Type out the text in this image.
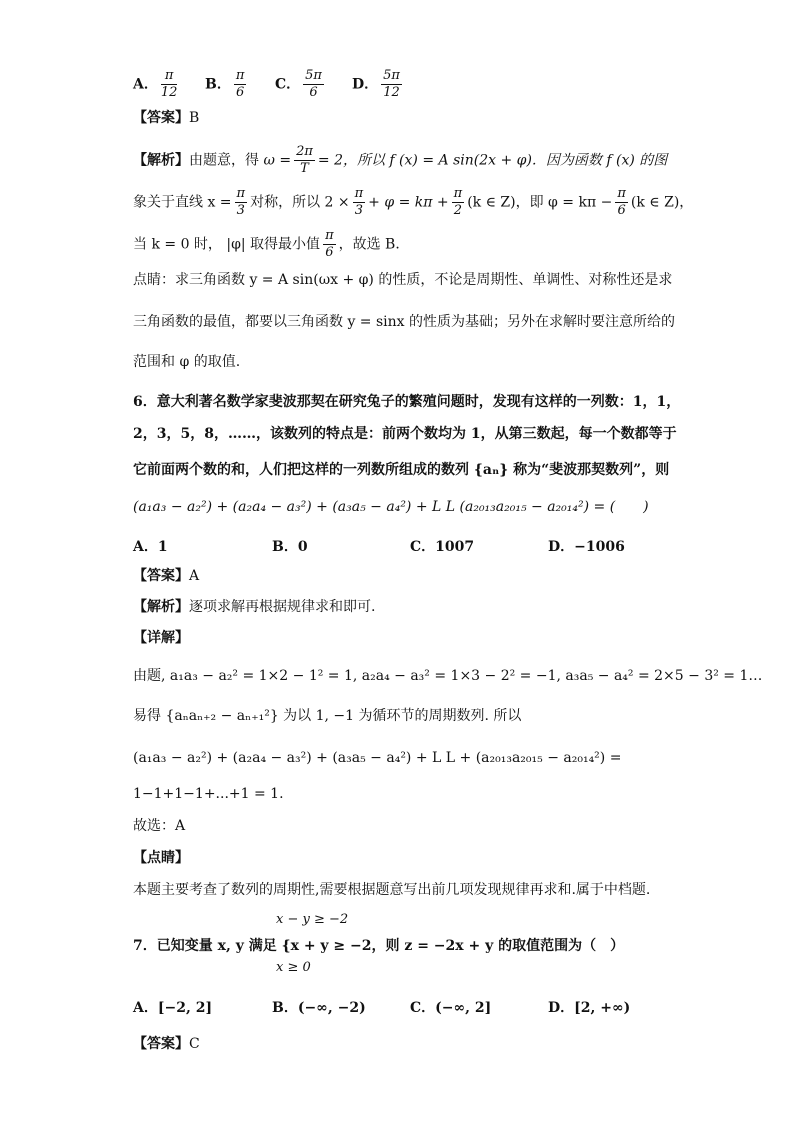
A． $\frac{\pi}{12}$ B． $\frac{\pi}{6}$ C． $\frac{5\pi}{6}$ D． $\frac{5\pi}{12}$
【答案】B
【解析】由题意，得 $\omega = \frac{2\pi}{T} = 2$，所以 f (x) = A sin(2x + φ)．因为函数 f (x) 的图
象关于直线 $x = \frac{\pi}{3}$ 对称，所以 $2 \times \frac{\pi}{3} + \varphi = k\pi + \frac{\pi}{2} (k$ ∈ Z)，即 $\varphi = k\pi - \frac{\pi}{6} (k$ ∈ Z)，
当 k = 0 时， |φ| 取得最小值 $\frac{\pi}{6}$ ，故选 B．
点睛：求三角函数 y = A sin(ωx + φ) 的性质，不论是周期性、单调性、对称性还是求
三角函数的最值，都要以三角函数 y = sinx 的性质为基础；另外在求解时要注意所给的
范围和 φ 的取值.
6．意大利著名数学家斐波那契在研究兔子的繁殖问题时，发现有这样的一列数：1，1，
2，3，5，8，……，该数列的特点是：前两个数均为 1，从第三数起，每一个数都等于
它前面两个数的和，人们把这样的一列数所组成的数列 {aₙ} 称为“斐波那契数列”，则
(a₁a₃ − a₂²) + (a₂a₄ − a₃²) + (a₃a₅ − a₄²) + L L (a₂₀₁₃a₂₀₁₅ − a₂₀₁₄²) = (　　)
A．1	B．0	C．1007	D．−1006
【答案】A
【解析】逐项求解再根据规律求和即可.
【详解】
由题, a₁a₃ − a₂² = 1×2 − 1² = 1, a₂a₄ − a₃² = 1×3 − 2² = −1, a₃a₅ − a₄² = 2×5 − 3² = 1…
易得 {aₙaₙ₊₂ − aₙ₊₁²} 为以 1, −1 为循环节的周期数列. 所以
(a₁a₃ − a₂²) + (a₂a₄ − a₃²) + (a₃a₅ − a₄²) + L L + (a₂₀₁₃a₂₀₁₅ − a₂₀₁₄²) =
1−1+1−1+...+1 = 1.
故选：A
【点睛】
本题主要考查了数列的周期性,需要根据题意写出前几项发现规律再求和.属于中档题.
x − y ≥ −2
7．已知变量 x, y 满足 {x + y ≥ −2，则 z = −2x + y 的取值范围为（　）
x ≥ 0
A．[−2, 2]	B．(−∞, −2)	C．(−∞, 2]	D．[2, +∞)
【答案】C
